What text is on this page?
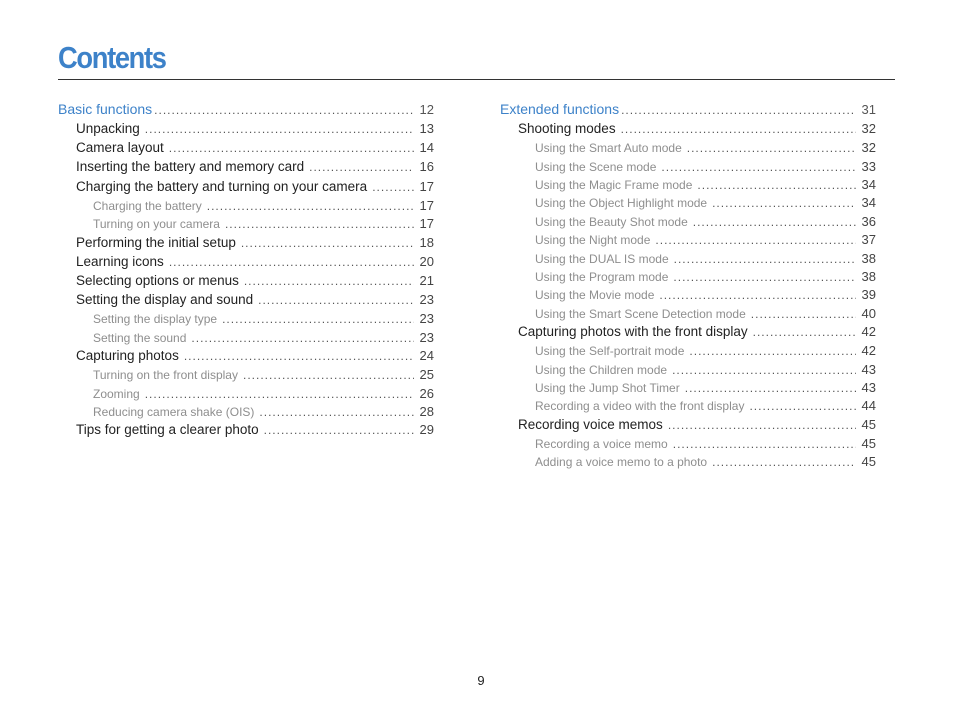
Contents
Basic functions .....	12
Unpacking .....	13
Camera layout .....	14
Inserting the battery and memory card .....	16
Charging the battery and turning on your camera .....	17
Charging the battery .....	17
Turning on your camera .....	17
Performing the initial setup .....	18
Learning icons .....	20
Selecting options or menus .....	21
Setting the display and sound .....	23
Setting the display type .....	23
Setting the sound .....	23
Capturing photos .....	24
Turning on the front display .....	25
Zooming .....	26
Reducing camera shake (OIS) .....	28
Tips for getting a clearer photo .....	29
Extended functions .....	31
Shooting modes .....	32
Using the Smart Auto mode .....	32
Using the Scene mode .....	33
Using the Magic Frame mode .....	34
Using the Object Highlight mode .....	34
Using the Beauty Shot mode .....	36
Using the Night mode .....	37
Using the DUAL IS mode .....	38
Using the Program mode .....	38
Using the Movie mode .....	39
Using the Smart Scene Detection mode .....	40
Capturing photos with the front display .....	42
Using the Self-portrait mode .....	42
Using the Children mode .....	43
Using the Jump Shot Timer .....	43
Recording a video with the front display .....	44
Recording voice memos .....	45
Recording a voice memo .....	45
Adding a voice memo to a photo .....	45
9
